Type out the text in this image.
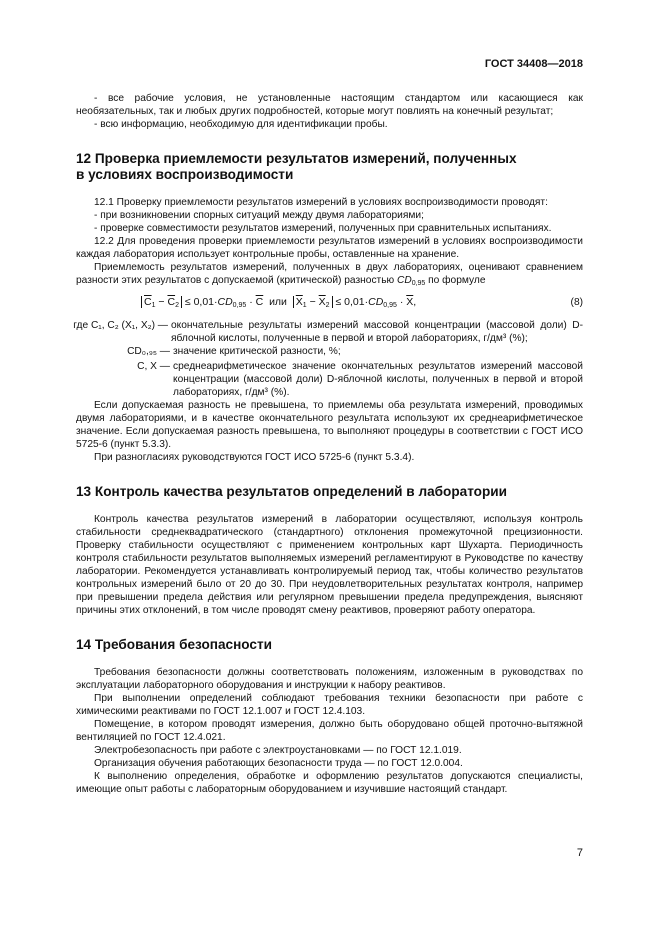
ГОСТ 34408—2018

- все рабочие условия, не установленные настоящим стандартом или касающиеся как необязательных, так и любых других подробностей, которые могут повлиять на конечный результат;

- всю информацию, необходимую для идентификации пробы.

12 Проверка приемлемости результатов измерений, полученных
в условиях воспроизводимости

12.1 Проверку приемлемости результатов измерений в условиях воспроизводимости проводят:

- при возникновении спорных ситуаций между двумя лабораториями;

- проверке совместимости результатов измерений, полученных при сравнительных испытаниях.

12.2 Для проведения проверки приемлемости результатов измерений в условиях воспроизводимости каждая лаборатория использует контрольные пробы, оставленные на хранение.

Приемлемость результатов измерений, полученных в двух лабораториях, оценивают сравнением разности этих результатов с допускаемой (критической) разностью $CD_{0,95}$ по формуле

$\overline{C}_1 - \overline{C}_2 \le 0,01\cdot CD_{0,95} \cdot \overline{C}$  или  $\overline{X}_1 - \overline{X}_2 \le 0,01\cdot CD_{0,95} \cdot \overline{X}$,	(8)
где C₁, C₂ (X₁, X₂) — окончательные результаты измерений массовой концентрации (массовой доли) D-яблочной кислоты, полученные в первой и второй лабораториях, г/дм³ (%);
CD₀,₉₅ — значение критической разности, %;
C, X — среднеарифметическое значение окончательных результатов измерений массовой концентрации (массовой доли) D-яблочной кислоты, полученных в первой и второй лабораториях, г/дм³ (%).

Если допускаемая разность не превышена, то приемлемы оба результата измерений, проводимых двумя лабораториями, и в качестве окончательного результата используют их среднеарифметическое значение. Если допускаемая разность превышена, то выполняют процедуры в соответствии с ГОСТ ИСО 5725-6 (пункт 5.3.3).

При разногласиях руководствуются ГОСТ ИСО 5725-6 (пункт 5.3.4).

13 Контроль качества результатов определений в лаборатории

Контроль качества результатов измерений в лаборатории осуществляют, используя контроль стабильности среднеквадратического (стандартного) отклонения промежуточной прецизионности. Проверку стабильности осуществляют с применением контрольных карт Шухарта. Периодичность контроля стабильности результатов выполняемых измерений регламентируют в Руководстве по качеству лаборатории. Рекомендуется устанавливать контролируемый период так, чтобы количество результатов контрольных измерений было от 20 до 30. При неудовлетворительных результатах контроля, например при превышении предела действия или регулярном превышении предела предупреждения, выясняют причины этих отклонений, в том числе проводят смену реактивов, проверяют работу оператора.

14 Требования безопасности

Требования безопасности должны соответствовать положениям, изложенным в руководствах по эксплуатации лабораторного оборудования и инструкции к набору реактивов.

При выполнении определений соблюдают требования техники безопасности при работе с химическими реактивами по ГОСТ 12.1.007 и ГОСТ 12.4.103.

Помещение, в котором проводят измерения, должно быть оборудовано общей проточно-вытяжной вентиляцией по ГОСТ 12.4.021.

Электробезопасность при работе с электроустановками — по ГОСТ 12.1.019.

Организация обучения работающих безопасности труда — по ГОСТ 12.0.004.

К выполнению определения, обработке и оформлению результатов допускаются специалисты, имеющие опыт работы с лабораторным оборудованием и изучившие настоящий стандарт.

7
